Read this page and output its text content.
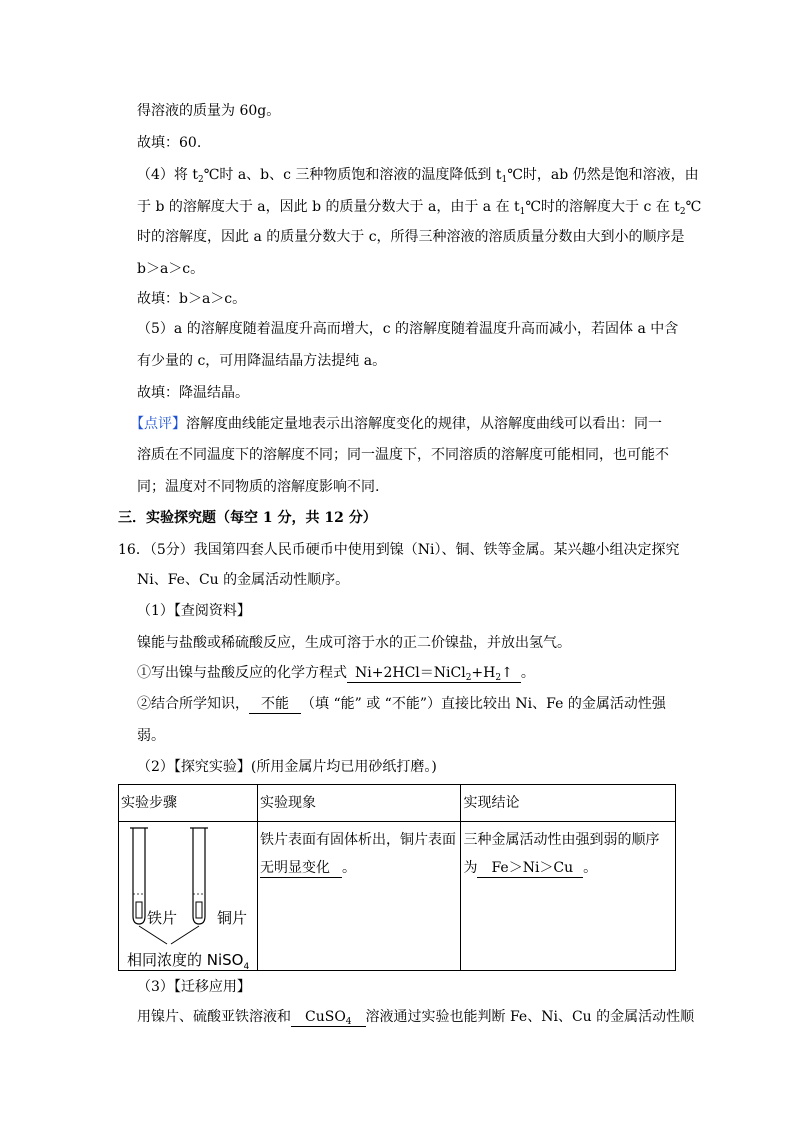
得溶液的质量为 60g。
故填：60.
（4）将 $t_2℃$时 a、b、c 三种物质饱和溶液的温度降低到 $t_1℃$时，ab 仍然是饱和溶液，由
于 b 的溶解度大于 a，因此 b 的质量分数大于 a，由于 a 在 $t_1℃$时的溶解度大于 c 在 $t_2℃$
时的溶解度，因此 a 的质量分数大于 c，所得三种溶液的溶质质量分数由大到小的顺序是
b＞a＞c。
故填：b＞a＞c。
（5）a 的溶解度随着温度升高而增大，c 的溶解度随着温度升高而减小，若固体 a 中含
有少量的 c，可用降温结晶方法提纯 a。
故填：降温结晶。
【点评】溶解度曲线能定量地表示出溶解度变化的规律，从溶解度曲线可以看出：同一
溶质在不同温度下的溶解度不同；同一温度下，不同溶质的溶解度可能相同，也可能不
同；温度对不同物质的溶解度影响不同.
三．实验探究题（每空 1 分，共 12 分）
16．（5分）我国第四套人民币硬币中使用到镍（Ni）、铜、铁等金属。某兴趣小组决定探究
Ni、Fe、Cu 的金属活动性顺序。
（1）【查阅资料】
镍能与盐酸或稀硫酸反应，生成可溶于水的正二价镍盐，并放出氢气。
①写出镍与盐酸反应的化学方程式 $Ni+2HCl=NiCl_2+H_2↑$ 。
②结合所学知识， 不能 （填 “能” 或 “不能”）直接比较出 Ni、Fe 的金属活动性强
弱。
（2）【探究实验】(所用金属片均已用砂纸打磨。)
实验步骤	实验现象	实现结论

铁片 铜片
相同浓度的 NiSO$_4$	铁片表面有固体析出，铜片表面
无明显变化 。	三种金属活动性由强到弱的顺序
为 Fe＞Ni＞Cu 。
（3）【迁移应用】
用镍片、硫酸亚铁溶液和 CuSO$_4$ 溶液通过实验也能判断 Fe、Ni、Cu 的金属活动性顺
